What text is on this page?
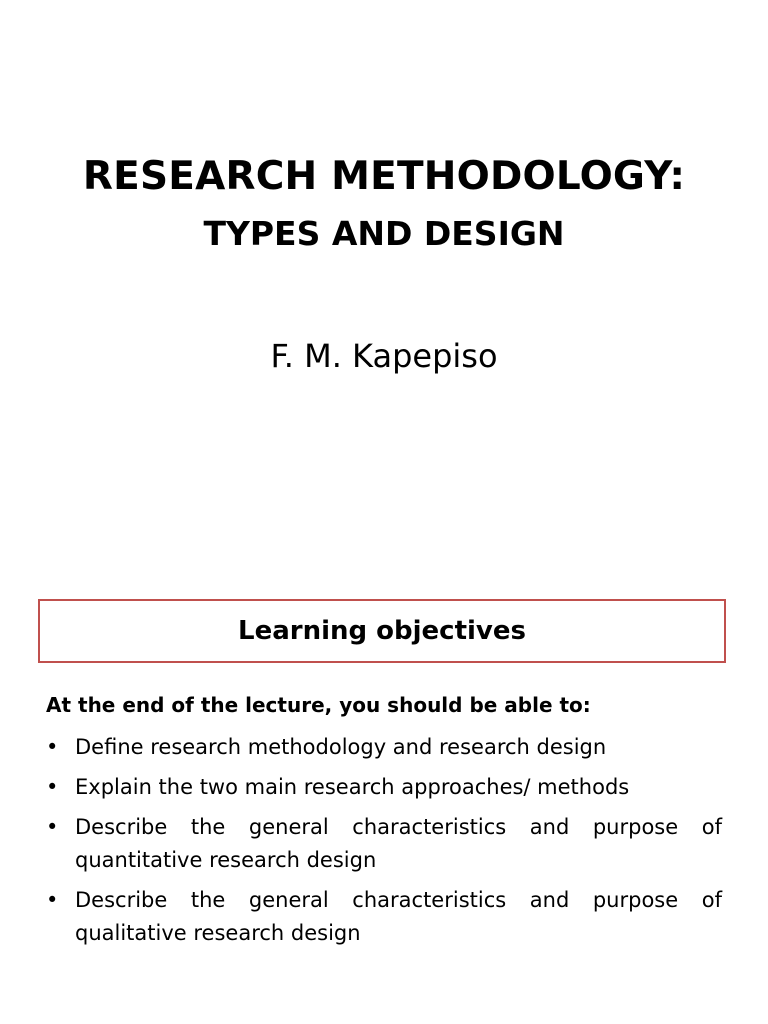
RESEARCH METHODOLOGY:
TYPES AND DESIGN
F. M. Kapepiso
Learning objectives
At the end of the lecture, you should be able to:
• Define research methodology and research design
• Explain the two main research approaches/ methods
• Describe the general characteristics and purpose of quantitative research design
• Describe the general characteristics and purpose of qualitative research design
